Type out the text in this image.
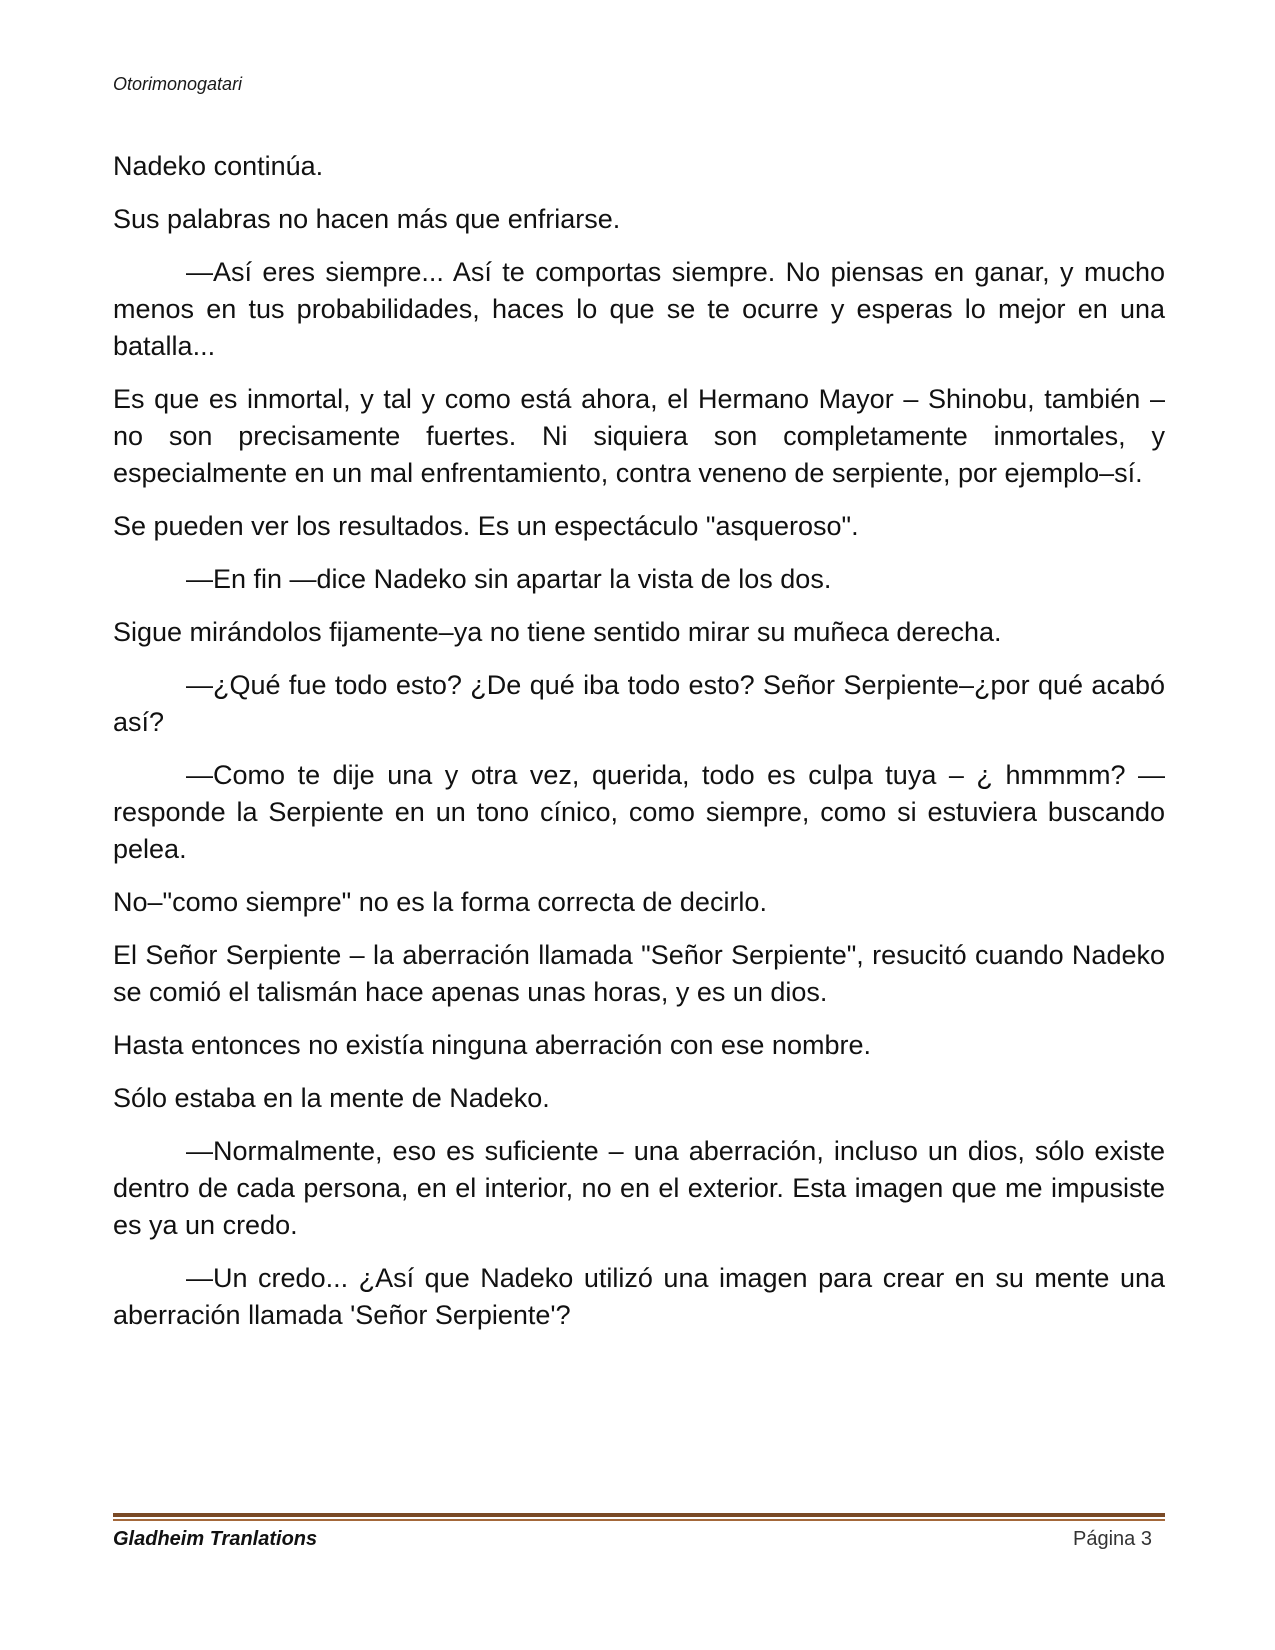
Otorimonogatari

Nadeko continúa.

Sus palabras no hacen más que enfriarse.

—Así eres siempre... Así te comportas siempre. No piensas en ganar, y mucho menos en tus probabilidades, haces lo que se te ocurre y esperas lo mejor en una batalla...

Es que es inmortal, y tal y como está ahora, el Hermano Mayor – Shinobu, también – no son precisamente fuertes. Ni siquiera son completamente inmortales, y especialmente en un mal enfrentamiento, contra veneno de serpiente, por ejemplo–sí.

Se pueden ver los resultados. Es un espectáculo "asqueroso".

—En fin —dice Nadeko sin apartar la vista de los dos.

Sigue mirándolos fijamente–ya no tiene sentido mirar su muñeca derecha.

—¿Qué fue todo esto? ¿De qué iba todo esto? Señor Serpiente–¿por qué acabó así?

—Como te dije una y otra vez, querida, todo es culpa tuya – ¿ hmmmm? —responde la Serpiente en un tono cínico, como siempre, como si estuviera buscando pelea.

No–"como siempre" no es la forma correcta de decirlo.

El Señor Serpiente – la aberración llamada "Señor Serpiente", resucitó cuando Nadeko se comió el talismán hace apenas unas horas, y es un dios.

Hasta entonces no existía ninguna aberración con ese nombre.

Sólo estaba en la mente de Nadeko.

—Normalmente, eso es suficiente – una aberración, incluso un dios, sólo existe dentro de cada persona, en el interior, no en el exterior. Esta imagen que me impusiste es ya un credo.

—Un credo... ¿Así que Nadeko utilizó una imagen para crear en su mente una aberración llamada 'Señor Serpiente'?

Gladheim Tranlations	Página 3
